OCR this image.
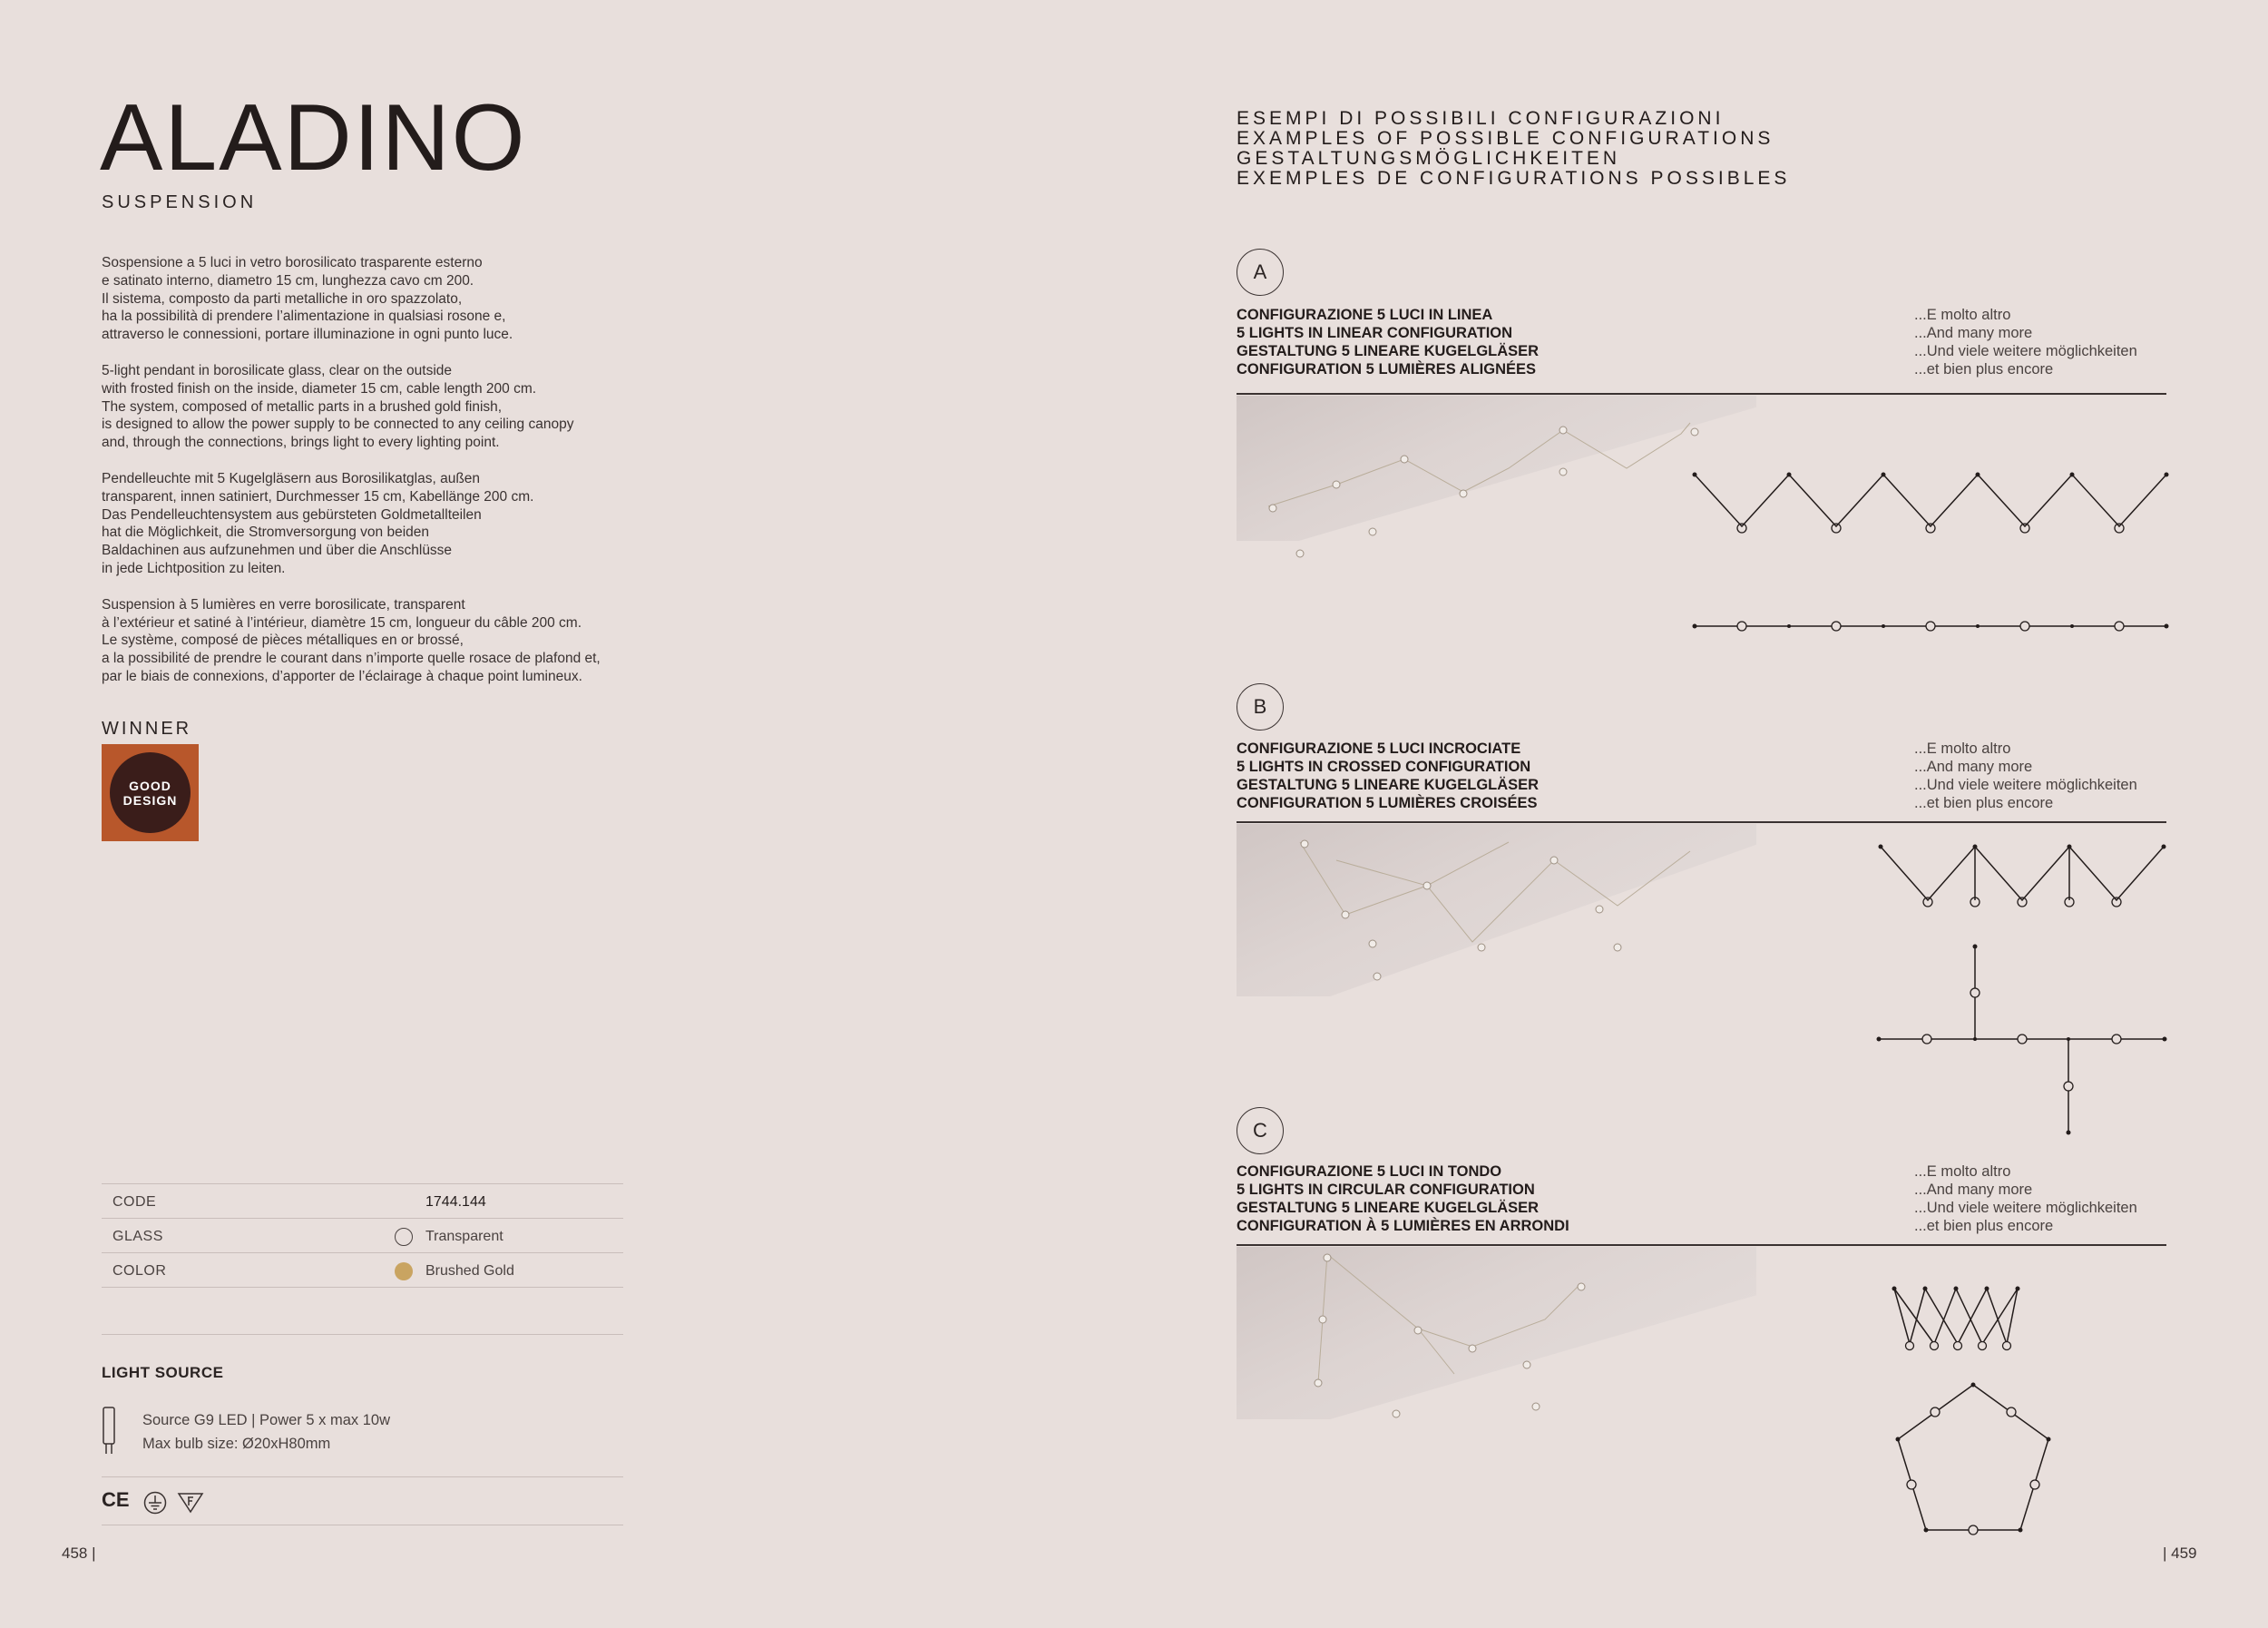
ALADINO
SUSPENSION

Sospensione a 5 luci in vetro borosilicato trasparente esterno
e satinato interno, diametro 15 cm, lunghezza cavo cm 200.
Il sistema, composto da parti metalliche in oro spazzolato,
ha la possibilità di prendere l’alimentazione in qualsiasi rosone e,
attraverso le connessioni, portare illuminazione in ogni punto luce.

5-light pendant in borosilicate glass, clear on the outside
with frosted finish on the inside, diameter 15 cm, cable length 200 cm.
The system, composed of metallic parts in a brushed gold finish,
is designed to allow the power supply to be connected to any ceiling canopy
and, through the connections, brings light to every lighting point.

Pendelleuchte mit 5 Kugelgläsern aus Borosilikatglas, außen
transparent, innen satiniert, Durchmesser 15 cm, Kabellänge 200 cm.
Das Pendelleuchtensystem aus gebürsteten Goldmetallteilen
hat die Möglichkeit, die Stromversorgung von beiden
Baldachinen aus aufzunehmen und über die Anschlüsse
in jede Lichtposition zu leiten.

Suspension à 5 lumières en verre borosilicate, transparent
à l’extérieur et satiné à l’intérieur, diamètre 15 cm, longueur du câble 200 cm.
Le système, composé de pièces métalliques en or brossé,
a la possibilité de prendre le courant dans n’importe quelle rosace de plafond et,
par le biais de connexions, d’apporter de l’éclairage à chaque point lumineux.

WINNER
GOOD
DESIGN
CODE	1744.144
GLASS	Transparent
COLOR	Brushed Gold
LIGHT SOURCE
Source G9 LED | Power 5 x max 10w
Max bulb size: Ø20xH80mm
CE
458 |
ESEMPI DI POSSIBILI CONFIGURAZIONI
EXAMPLES OF POSSIBLE CONFIGURATIONS
GESTALTUNGSMÖGLICHKEITEN
EXEMPLES DE CONFIGURATIONS POSSIBLES
A
CONFIGURAZIONE 5 LUCI IN LINEA
5 LIGHTS IN LINEAR CONFIGURATION
GESTALTUNG 5 LINEARE KUGELGLÄSER
CONFIGURATION 5 LUMIÈRES ALIGNÉES
...E molto altro
...And many more
...Und viele weitere möglichkeiten
...et bien plus encore
B
CONFIGURAZIONE 5 LUCI INCROCIATE
5 LIGHTS IN CROSSED CONFIGURATION
GESTALTUNG 5 LINEARE KUGELGLÄSER
CONFIGURATION 5 LUMIÈRES CROISÉES
...E molto altro
...And many more
...Und viele weitere möglichkeiten
...et bien plus encore
C
CONFIGURAZIONE 5 LUCI IN TONDO
5 LIGHTS IN CIRCULAR CONFIGURATION
GESTALTUNG 5 LINEARE KUGELGLÄSER
CONFIGURATION À 5 LUMIÈRES EN ARRONDI
...E molto altro
...And many more
...Und viele weitere möglichkeiten
...et bien plus encore
| 459
